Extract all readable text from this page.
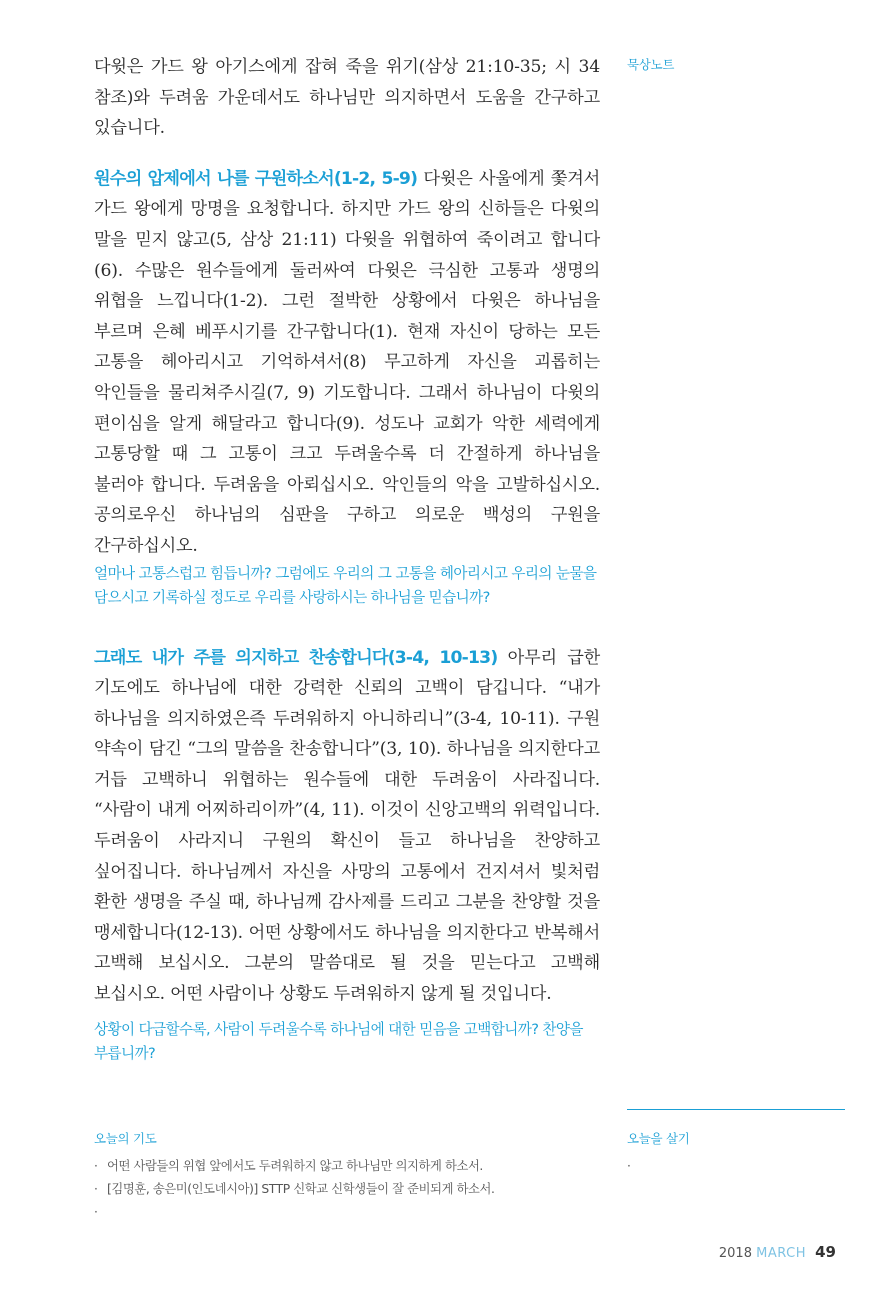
다윗은 가드 왕 아기스에게 잡혀 죽을 위기(삼상 21:10-35; 시 34 참조)와 두려움 가운데서도 하나님만 의지하면서 도움을 간구하고 있습니다.

원수의 압제에서 나를 구원하소서(1-2, 5-9) 다윗은 사울에게 쫓겨서 가드 왕에게 망명을 요청합니다. 하지만 가드 왕의 신하들은 다윗의 말을 믿지 않고(5, 삼상 21:11) 다윗을 위협하여 죽이려고 합니다(6). 수많은 원수들에게 둘러싸여 다윗은 극심한 고통과 생명의 위협을 느낍니다(1-2). 그런 절박한 상황에서 다윗은 하나님을 부르며 은혜 베푸시기를 간구합니다(1). 현재 자신이 당하는 모든 고통을 헤아리시고 기억하셔서(8) 무고하게 자신을 괴롭히는 악인들을 물리쳐주시길(7, 9) 기도합니다. 그래서 하나님이 다윗의 편이심을 알게 해달라고 합니다(9). 성도나 교회가 악한 세력에게 고통당할 때 그 고통이 크고 두려울수록 더 간절하게 하나님을 불러야 합니다. 두려움을 아뢰십시오. 악인들의 악을 고발하십시오. 공의로우신 하나님의 심판을 구하고 의로운 백성의 구원을 간구하십시오.

얼마나 고통스럽고 힘듭니까? 그럼에도 우리의 그 고통을 헤아리시고 우리의 눈물을 담으시고 기록하실 정도로 우리를 사랑하시는 하나님을 믿습니까?

그래도 내가 주를 의지하고 찬송합니다(3-4, 10-13) 아무리 급한 기도에도 하나님에 대한 강력한 신뢰의 고백이 담깁니다. “내가 하나님을 의지하였은즉 두려워하지 아니하리니”(3-4, 10-11). 구원 약속이 담긴 “그의 말씀을 찬송합니다”(3, 10). 하나님을 의지한다고 거듭 고백하니 위협하는 원수들에 대한 두려움이 사라집니다. “사람이 내게 어찌하리이까”(4, 11). 이것이 신앙고백의 위력입니다. 두려움이 사라지니 구원의 확신이 들고 하나님을 찬양하고 싶어집니다. 하나님께서 자신을 사망의 고통에서 건지셔서 빛처럼 환한 생명을 주실 때, 하나님께 감사제를 드리고 그분을 찬양할 것을 맹세합니다(12-13). 어떤 상황에서도 하나님을 의지한다고 반복해서 고백해 보십시오. 그분의 말씀대로 될 것을 믿는다고 고백해 보십시오. 어떤 사람이나 상황도 두려워하지 않게 될 것입니다.

상황이 다급할수록, 사람이 두려울수록 하나님에 대한 믿음을 고백합니까? 찬양을 부릅니까?

묵상노트
오늘의 기도
· 어떤 사람들의 위협 앞에서도 두려워하지 않고 하나님만 의지하게 하소서.
· [김명훈, 송은미(인도네시아)] STTP 신학교 신학생들이 잘 준비되게 하소서.
·
오늘을 살기
·
2018 MARCH 49
